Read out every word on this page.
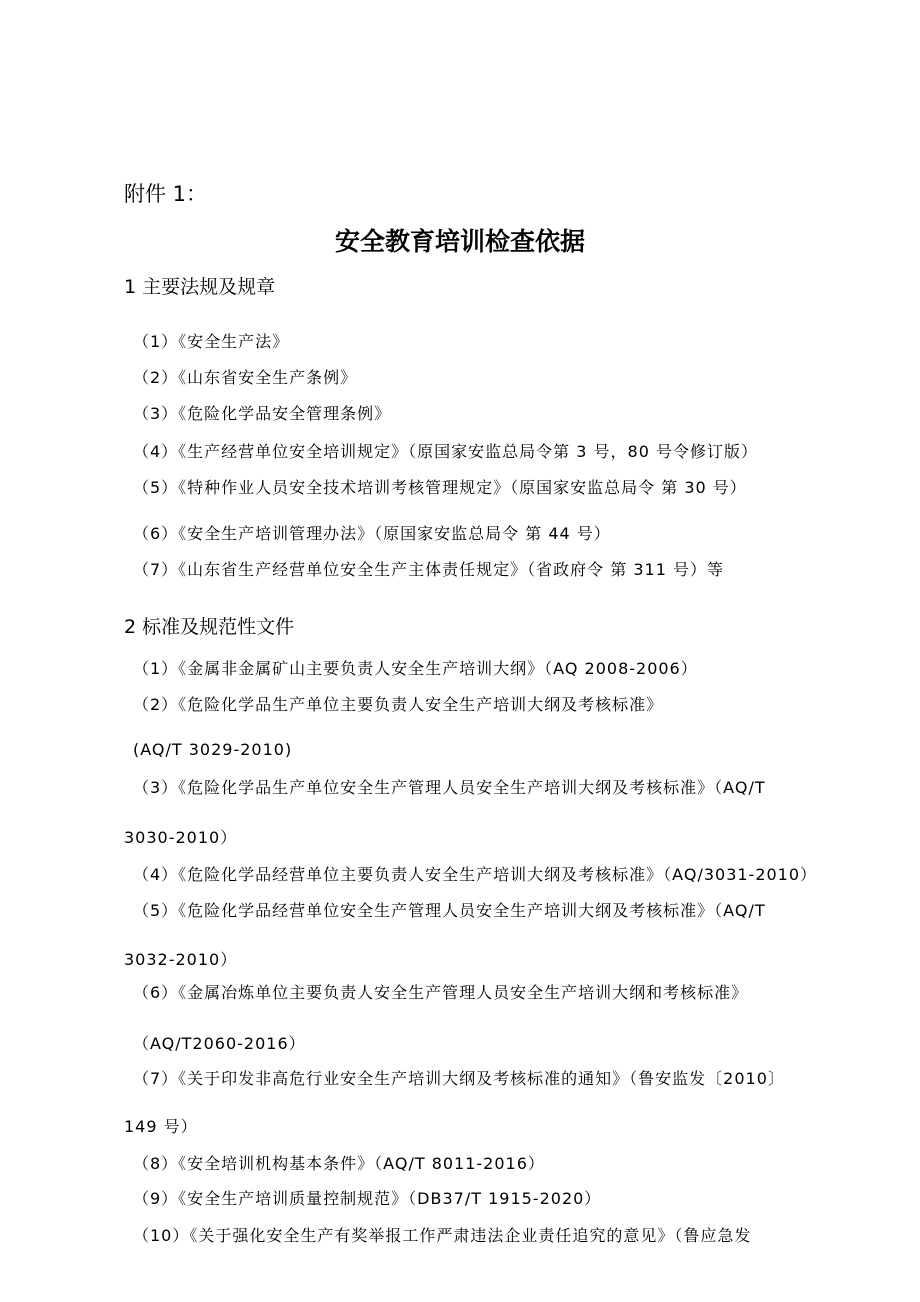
附件 1：

安全教育培训检查依据

1 主要法规及规章

（1）《安全生产法》

（2）《山东省安全生产条例》

（3）《危险化学品安全管理条例》

（4）《生产经营单位安全培训规定》（原国家安监总局令第 3 号，80 号令修订版）

（5）《特种作业人员安全技术培训考核管理规定》（原国家安监总局令 第 30 号）

（6）《安全生产培训管理办法》（原国家安监总局令 第 44 号）

（7）《山东省生产经营单位安全生产主体责任规定》（省政府令 第 311 号）等

2 标准及规范性文件

（1）《金属非金属矿山主要负责人安全生产培训大纲》（AQ 2008-2006）

（2）《危险化学品生产单位主要负责人安全生产培训大纲及考核标准》

(AQ/T 3029-2010)

（3）《危险化学品生产单位安全生产管理人员安全生产培训大纲及考核标准》（AQ/T

3030-2010）

（4）《危险化学品经营单位主要负责人安全生产培训大纲及考核标准》（AQ/3031-2010）

（5）《危险化学品经营单位安全生产管理人员安全生产培训大纲及考核标准》（AQ/T

3032-2010）

（6）《金属冶炼单位主要负责人安全生产管理人员安全生产培训大纲和考核标准》

（AQ/T2060-2016）

（7）《关于印发非高危行业安全生产培训大纲及考核标准的通知》（鲁安监发〔2010〕

149 号）

（8）《安全培训机构基本条件》（AQ/T 8011-2016）

（9）《安全生产培训质量控制规范》（DB37/T 1915-2020）

（10）《关于强化安全生产有奖举报工作严肃违法企业责任追究的意见》（鲁应急发
